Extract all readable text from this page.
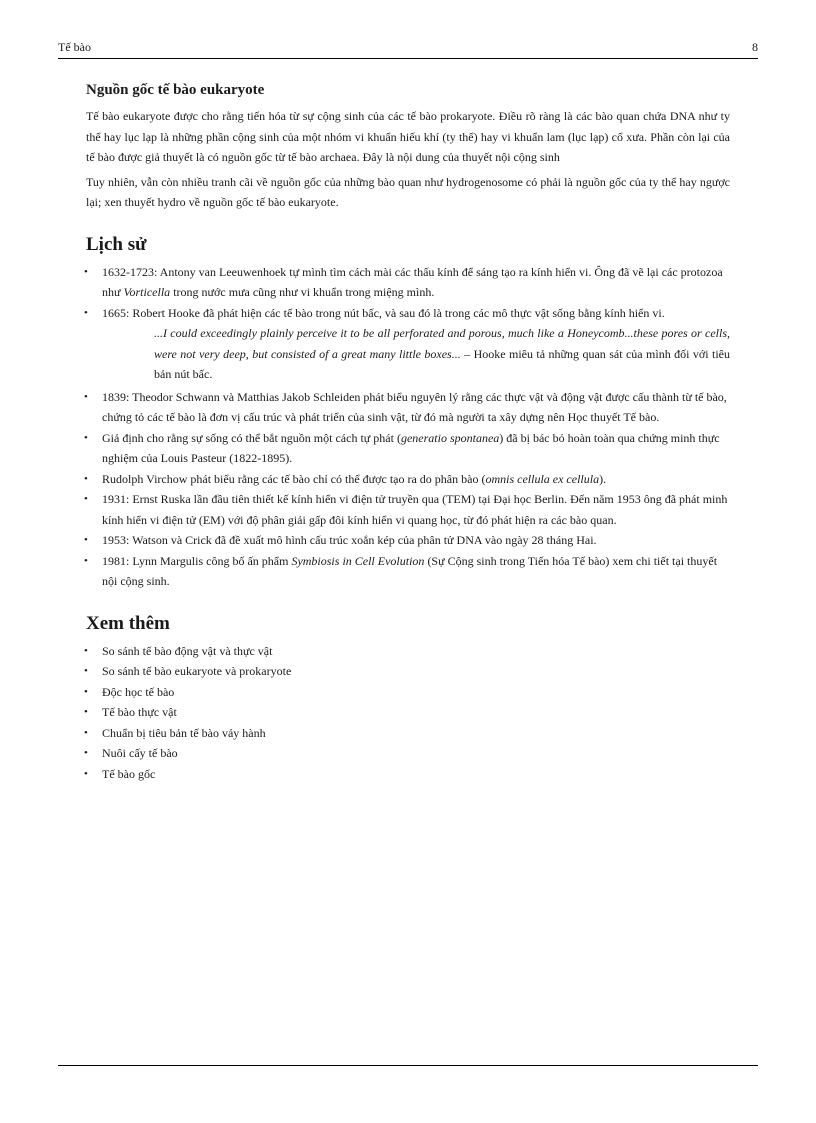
Tế bào	8
Nguồn gốc tế bào eukaryote

Tế bào eukaryote được cho rằng tiến hóa từ sự cộng sinh của các tế bào prokaryote. Điều rõ ràng là các bào quan chứa DNA như ty thể hay lục lạp là những phần cộng sinh của một nhóm vi khuẩn hiếu khí (ty thể) hay vi khuẩn lam (lục lạp) cổ xưa. Phần còn lại của tế bào được giả thuyết là có nguồn gốc từ tế bào archaea. Đây là nội dung của thuyết nội cộng sinh

Tuy nhiên, vẫn còn nhiều tranh cãi về nguồn gốc của những bào quan như hydrogenosome có phải là nguồn gốc của ty thể hay ngược lại; xen thuyết hydro về nguồn gốc tế bào eukaryote.

Lịch sử
• 1632-1723: Antony van Leeuwenhoek tự mình tìm cách mài các thấu kính để sáng tạo ra kính hiển vi. Ông đã vẽ lại các protozoa như Vorticella trong nước mưa cũng như vi khuẩn trong miệng mình.
• 1665: Robert Hooke đã phát hiện các tế bào trong nút bấc, và sau đó là trong các mô thực vật sống bằng kính hiển vi.
...I could exceedingly plainly perceive it to be all perforated and porous, much like a Honeycomb...these pores or cells, were not very deep, but consisted of a great many little boxes... – Hooke miêu tả những quan sát của mình đối với tiêu bản nút bấc.
• 1839: Theodor Schwann và Matthias Jakob Schleiden phát biểu nguyên lý rằng các thực vật và động vật được cấu thành từ tế bào, chứng tỏ các tế bào là đơn vị cấu trúc và phát triển của sinh vật, từ đó mà người ta xây dựng nên Học thuyết Tế bào.
• Giả định cho rằng sự sống có thể bắt nguồn một cách tự phát (generatio spontanea) đã bị bác bỏ hoàn toàn qua chứng minh thực nghiệm của Louis Pasteur (1822-1895).
• Rudolph Virchow phát biểu rằng các tế bào chỉ có thể được tạo ra do phân bào (omnis cellula ex cellula).
• 1931: Ernst Ruska lần đầu tiên thiết kế kính hiển vi điện tử truyền qua (TEM) tại Đại học Berlin. Đến năm 1953 ông đã phát minh kính hiển vi điện tử (EM) với độ phân giải gấp đôi kính hiển vi quang học, từ đó phát hiện ra các bào quan.
• 1953: Watson và Crick đã đề xuất mô hình cấu trúc xoắn kép của phân tử DNA vào ngày 28 tháng Hai.
• 1981: Lynn Margulis công bố ấn phẩm Symbiosis in Cell Evolution (Sự Cộng sinh trong Tiến hóa Tế bào) xem chi tiết tại thuyết nội cộng sinh.
Xem thêm
• So sánh tế bào động vật và thực vật
• So sánh tế bào eukaryote và prokaryote
• Độc học tế bào
• Tế bào thực vật
• Chuẩn bị tiêu bản tế bào vảy hành
• Nuôi cấy tế bào
• Tế bào gốc
